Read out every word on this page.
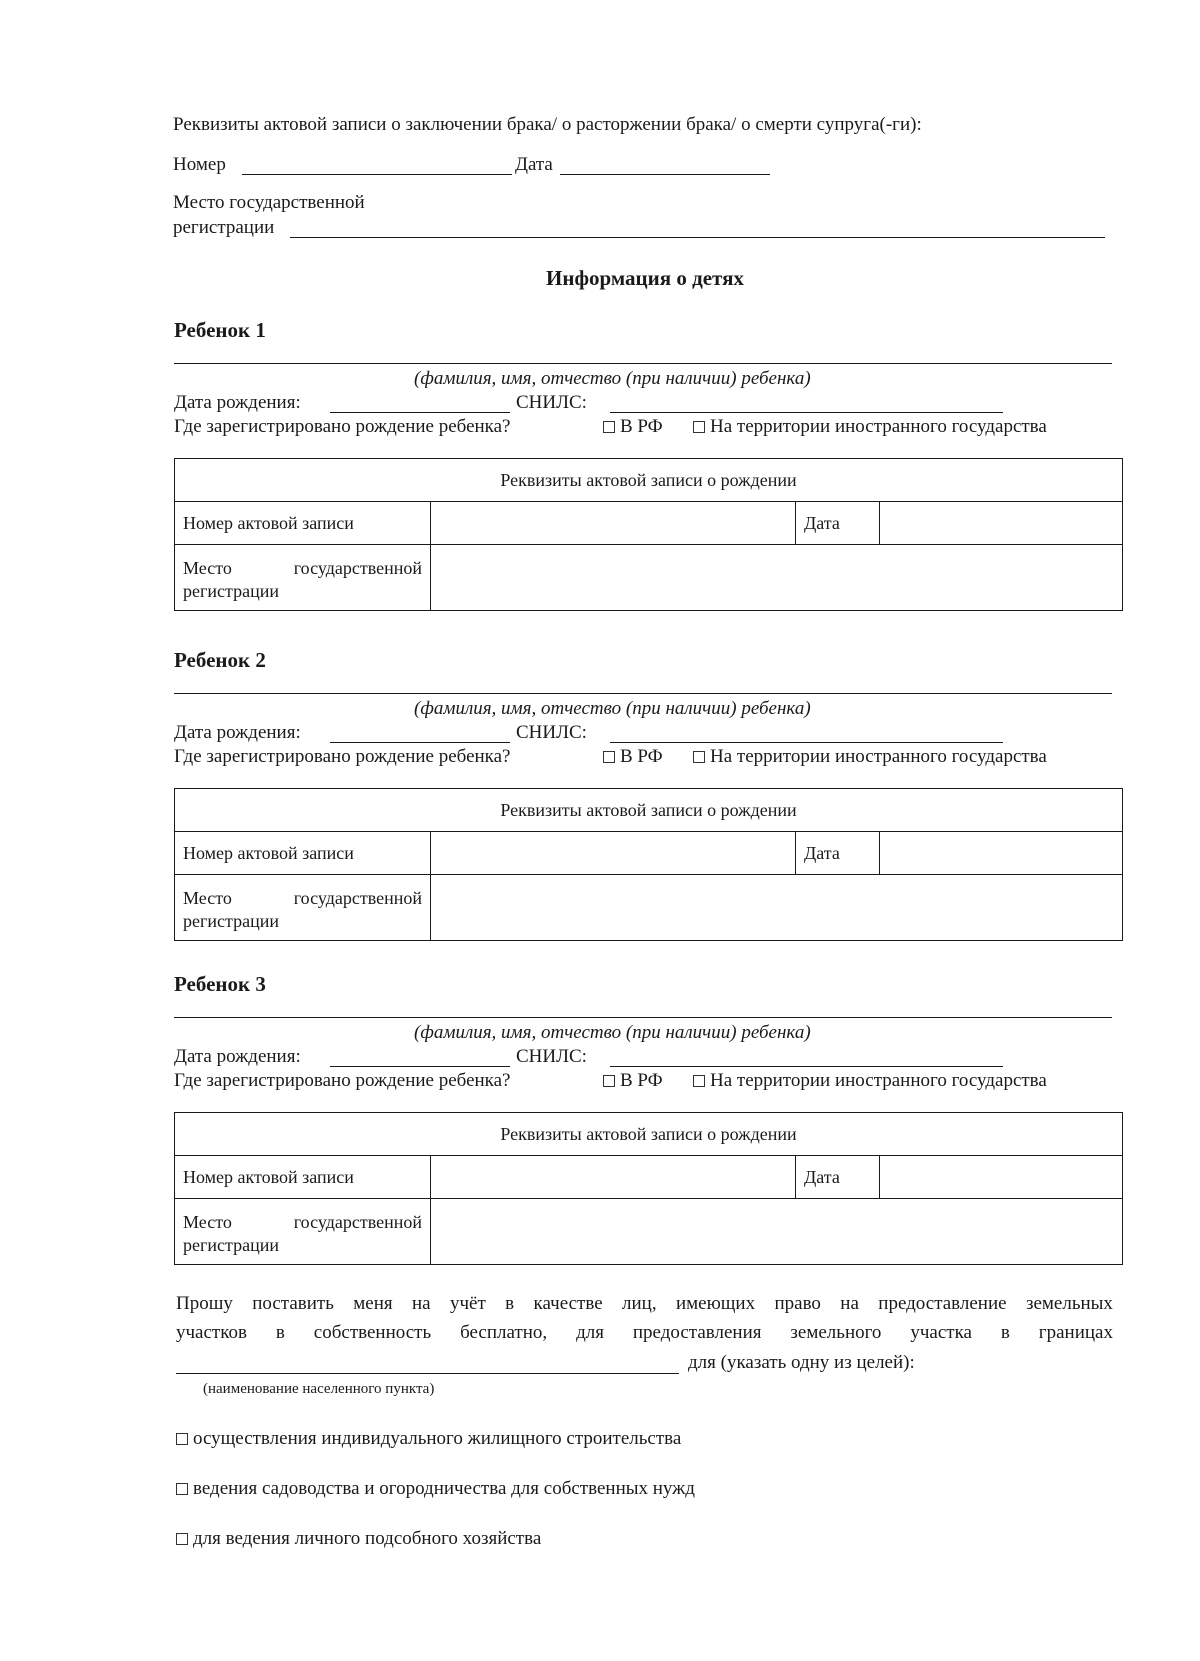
Реквизиты актовой записи о заключении брака/ о расторжении брака/ о смерти супруга(-ги):
Номер	Дата
Место государственной
регистрации
Информация о детях
Ребенок 1
(фамилия, имя, отчество (при наличии) ребенка)
Дата рождения:	СНИЛС:
Где зарегистрировано рождение ребенка?	В РФ	На территории иностранного государства
Реквизиты актовой записи о рождении			
Номер актовой записи		Дата	

Место государственной
регистрации			

Ребенок 2
(фамилия, имя, отчество (при наличии) ребенка)
Дата рождения:	СНИЛС:
Где зарегистрировано рождение ребенка?	В РФ	На территории иностранного государства
Реквизиты актовой записи о рождении			
Номер актовой записи		Дата	

Место государственной
регистрации			

Ребенок 3
(фамилия, имя, отчество (при наличии) ребенка)
Дата рождения:	СНИЛС:
Где зарегистрировано рождение ребенка?	В РФ	На территории иностранного государства
Реквизиты актовой записи о рождении			
Номер актовой записи		Дата	

Место государственной
регистрации			

Прошу поставить меня на учёт в качестве лиц, имеющих право на предоставление земельных
участков в собственность бесплатно, для предоставления земельного участка в границах
для (указать одну из целей):
(наименование населенного пункта)
осуществления индивидуального жилищного строительства
ведения садоводства и огородничества для собственных нужд
для ведения личного подсобного хозяйства
